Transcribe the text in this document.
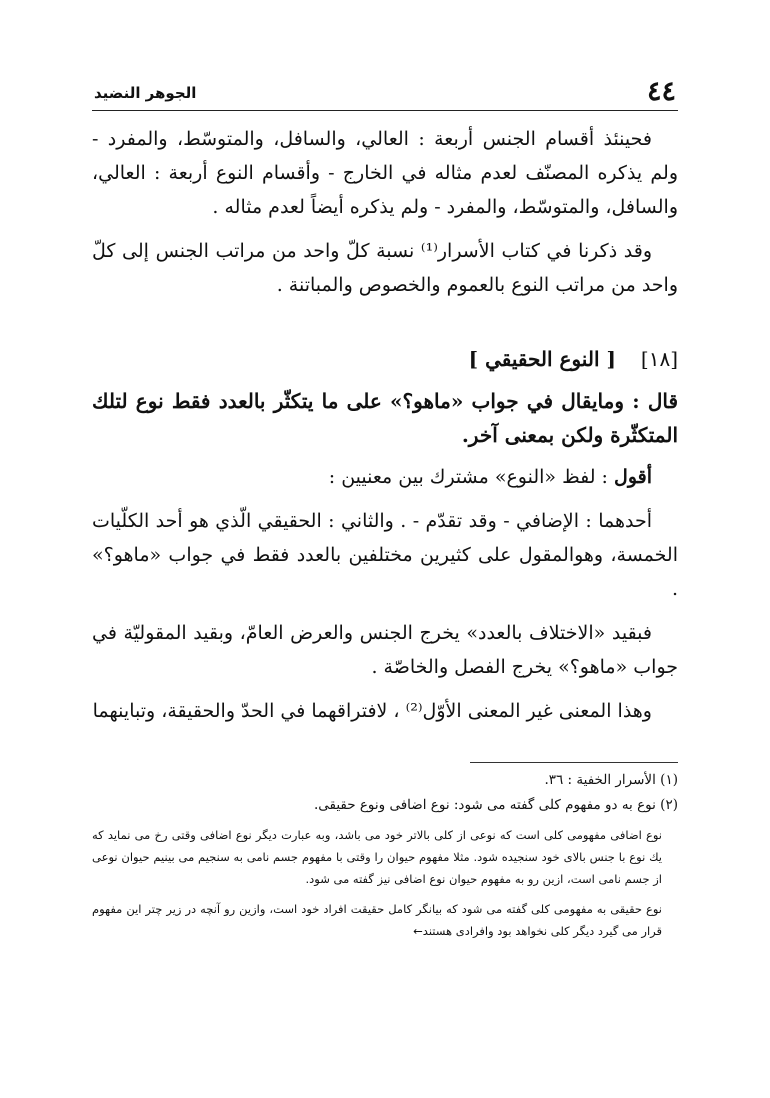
٤٤
الجوهر النضيد

فحينئذ أقسام الجنس أربعة : العالي، والسافل، والمتوسّط، والمفرد - ولم يذكره المصنّف لعدم مثاله في الخارج - وأقسام النوع أربعة : العالي، والسافل، والمتوسّط، والمفرد - ولم يذكره أيضاً لعدم مثاله .

وقد ذكرنا في كتاب الأسرار⁽¹⁾ نسبة كلّ واحد من مراتب الجنس إلى كلّ واحد من مراتب النوع بالعموم والخصوص والمباتنة .

[١٨] [ النوع الحقيقي ]

قال : ومايقال في جواب «ماهو؟» على ما يتكثّر بالعدد فقط نوع لتلك المتكثّرة ولكن بمعنى آخر.

أقول : لفظ «النوع» مشترك بين معنيين :

أحدهما : الإضافي - وقد تقدّم - . والثاني : الحقيقي الّذي هو أحد الكلّيات الخمسة، وهوالمقول على كثيرين مختلفين بالعدد فقط في جواب «ماهو؟» .

فبقيد «الاختلاف بالعدد» يخرج الجنس والعرض العامّ، وبقيد المقوليّة في جواب «ماهو؟» يخرج الفصل والخاصّة .

وهذا المعنى غير المعنى الأوّل⁽²⁾ ، لافتراقهما في الحدّ والحقيقة، وتباينهما

(١) الأسرار الخفية : ٣٦.

(٢) نوع به دو مفهوم كلى گفته مى شود: نوع اضافى ونوع حقيقى.

نوع اضافى مفهومى كلى است كه نوعى از كلى بالاتر خود مى باشد، وبه عبارت ديگر نوع اضافى وقتى رخ مى نمايد كه يك نوع با جنس بالاى خود سنجيده شود. مثلا مفهوم حيوان را وقتى با مفهوم جسم نامى به سنجيم مى بينيم حيوان نوعى از جسم نامى است، ازين رو به مفهوم حيوان نوع اضافى نيز گفته مى شود.

نوع حقيقى به مفهومى كلى گفته مى شود كه بيانگر كامل حقيقت افراد خود است، وازين رو آنچه در زير چتر اين مفهوم قرار مى گيرد ديگر كلى نخواهد بود وافرادى هستند←
